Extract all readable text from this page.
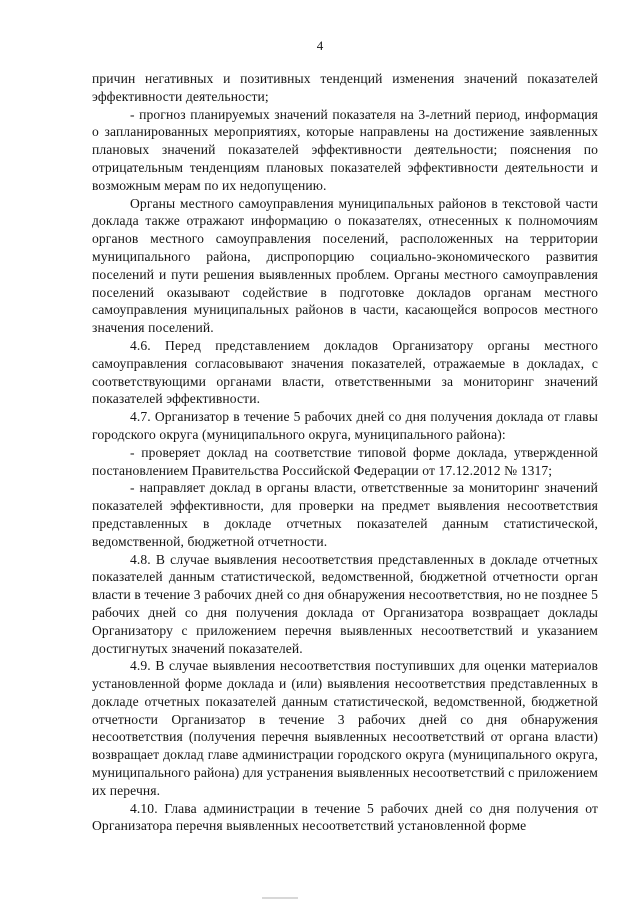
4

причин негативных и позитивных тенденций изменения значений показателей эффективности деятельности;

- прогноз планируемых значений показателя на 3-летний период, информация о запланированных мероприятиях, которые направлены на достижение заявленных плановых значений показателей эффективности деятельности; пояснения по отрицательным тенденциям плановых показателей эффективности деятельности и возможным мерам по их недопущению.

Органы местного самоуправления муниципальных районов в текстовой части доклада также отражают информацию о показателях, отнесенных к полномочиям органов местного самоуправления поселений, расположенных на территории муниципального района, диспропорцию социально-экономического развития поселений и пути решения выявленных проблем. Органы местного самоуправления поселений оказывают содействие в подготовке докладов органам местного самоуправления муниципальных районов в части, касающейся вопросов местного значения поселений.

4.6. Перед представлением докладов Организатору органы местного самоуправления согласовывают значения показателей, отражаемые в докладах, с соответствующими органами власти, ответственными за мониторинг значений показателей эффективности.

4.7. Организатор в течение 5 рабочих дней со дня получения доклада от главы городского округа (муниципального округа, муниципального района):

- проверяет доклад на соответствие типовой форме доклада, утвержденной постановлением Правительства Российской Федерации от 17.12.2012 № 1317;

- направляет доклад в органы власти, ответственные за мониторинг значений показателей эффективности, для проверки на предмет выявления несоответствия представленных в докладе отчетных показателей данным статистической, ведомственной, бюджетной отчетности.

4.8. В случае выявления несоответствия представленных в докладе отчетных показателей данным статистической, ведомственной, бюджетной отчетности орган власти в течение 3 рабочих дней со дня обнаружения несоответствия, но не позднее 5 рабочих дней со дня получения доклада от Организатора возвращает доклады Организатору с приложением перечня выявленных несоответствий и указанием достигнутых значений показателей.

4.9. В случае выявления несоответствия поступивших для оценки материалов установленной форме доклада и (или) выявления несоответствия представленных в докладе отчетных показателей данным статистической, ведомственной, бюджетной отчетности Организатор в течение 3 рабочих дней со дня обнаружения несоответствия (получения перечня выявленных несоответствий от органа власти) возвращает доклад главе администрации городского округа (муниципального округа, муниципального района) для устранения выявленных несоответствий с приложением их перечня.

4.10. Глава администрации в течение 5 рабочих дней со дня получения от Организатора перечня выявленных несоответствий установленной форме
